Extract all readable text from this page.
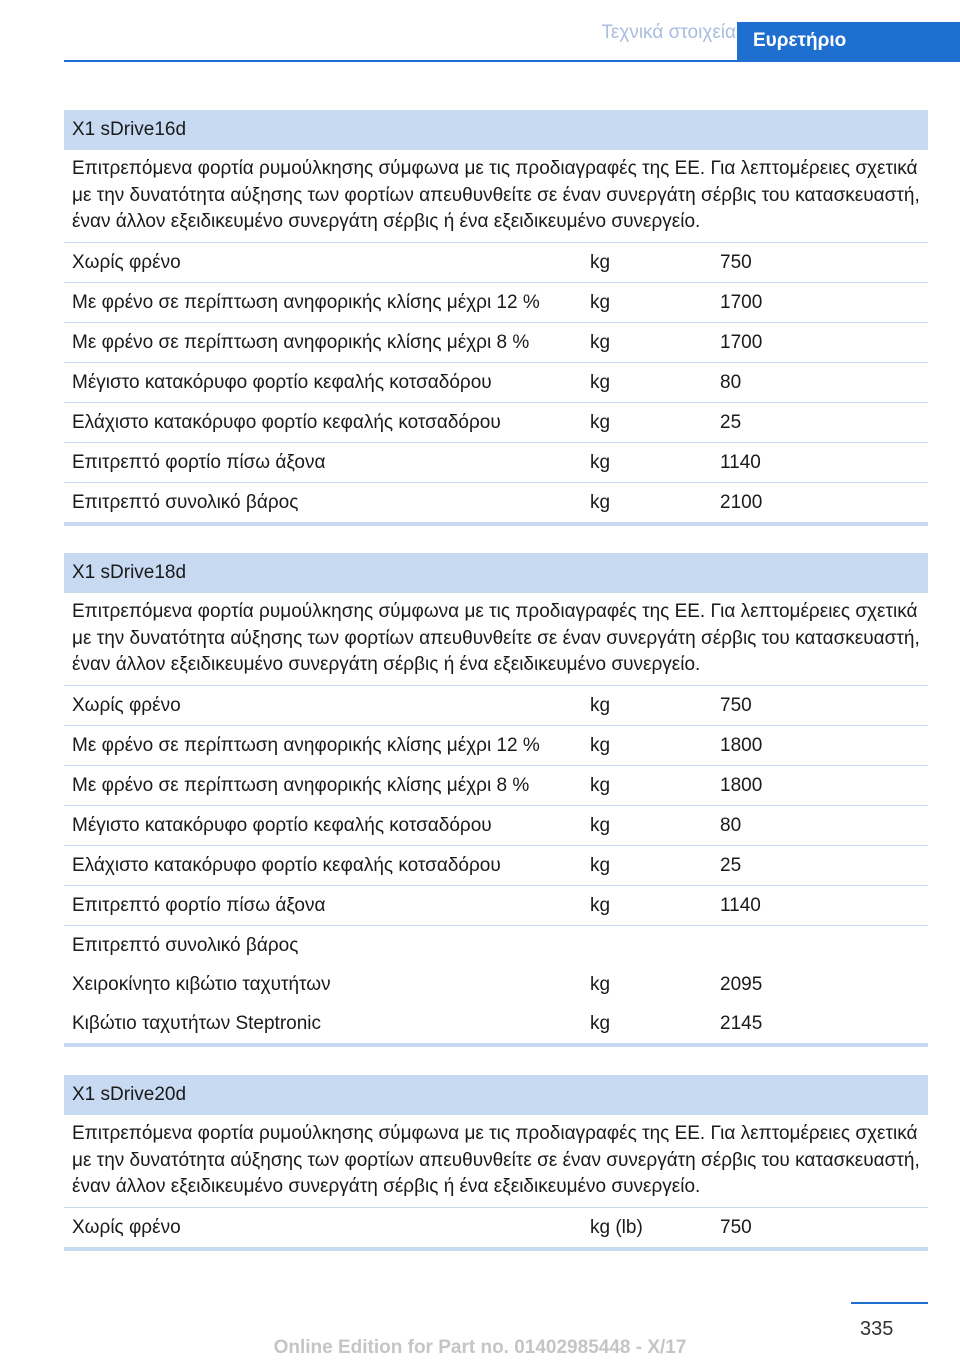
Τεχνικά στοιχεία Ευρετήριο
X1 sDrive16d
Επιτρεπόμενα φορτία ρυμούλκησης σύμφωνα με τις προδιαγραφές της ΕΕ. Για λεπτομέρειες σχετικά με την δυνατότητα αύξησης των φορτίων απευθυνθείτε σε έναν συνεργάτη σέρβις του κατασκευαστή, έναν άλλον εξειδικευμένο συνεργάτη σέρβις ή ένα εξειδικευμένο συνεργείο.
Χωρίς φρένο	kg	750
Με φρένο σε περίπτωση ανηφορικής κλίσης μέχρι 12 %	kg	1700
Με φρένο σε περίπτωση ανηφορικής κλίσης μέχρι 8 %	kg	1700
Μέγιστο κατακόρυφο φορτίο κεφαλής κοτσαδόρου	kg	80
Ελάχιστο κατακόρυφο φορτίο κεφαλής κοτσαδόρου	kg	25
Επιτρεπτό φορτίο πίσω άξονα	kg	1140
Επιτρεπτό συνολικό βάρος	kg	2100
X1 sDrive18d
Επιτρεπόμενα φορτία ρυμούλκησης σύμφωνα με τις προδιαγραφές της ΕΕ. Για λεπτομέρειες σχετικά με την δυνατότητα αύξησης των φορτίων απευθυνθείτε σε έναν συνεργάτη σέρβις του κατασκευαστή, έναν άλλον εξειδικευμένο συνεργάτη σέρβις ή ένα εξειδικευμένο συνεργείο.
Χωρίς φρένο	kg	750
Με φρένο σε περίπτωση ανηφορικής κλίσης μέχρι 12 %	kg	1800
Με φρένο σε περίπτωση ανηφορικής κλίσης μέχρι 8 %	kg	1800
Μέγιστο κατακόρυφο φορτίο κεφαλής κοτσαδόρου	kg	80
Ελάχιστο κατακόρυφο φορτίο κεφαλής κοτσαδόρου	kg	25
Επιτρεπτό φορτίο πίσω άξονα	kg	1140
Επιτρεπτό συνολικό βάρος
Χειροκίνητο κιβώτιο ταχυτήτων	kg	2095
Κιβώτιο ταχυτήτων Steptronic	kg	2145
X1 sDrive20d
Επιτρεπόμενα φορτία ρυμούλκησης σύμφωνα με τις προδιαγραφές της ΕΕ. Για λεπτομέρειες σχετικά με την δυνατότητα αύξησης των φορτίων απευθυνθείτε σε έναν συνεργάτη σέρβις του κατασκευαστή, έναν άλλον εξειδικευμένο συνεργάτη σέρβις ή ένα εξειδικευμένο συνεργείο.
Χωρίς φρένο	kg (lb)	750
335
Online Edition for Part no. 01402985448 - X/17
